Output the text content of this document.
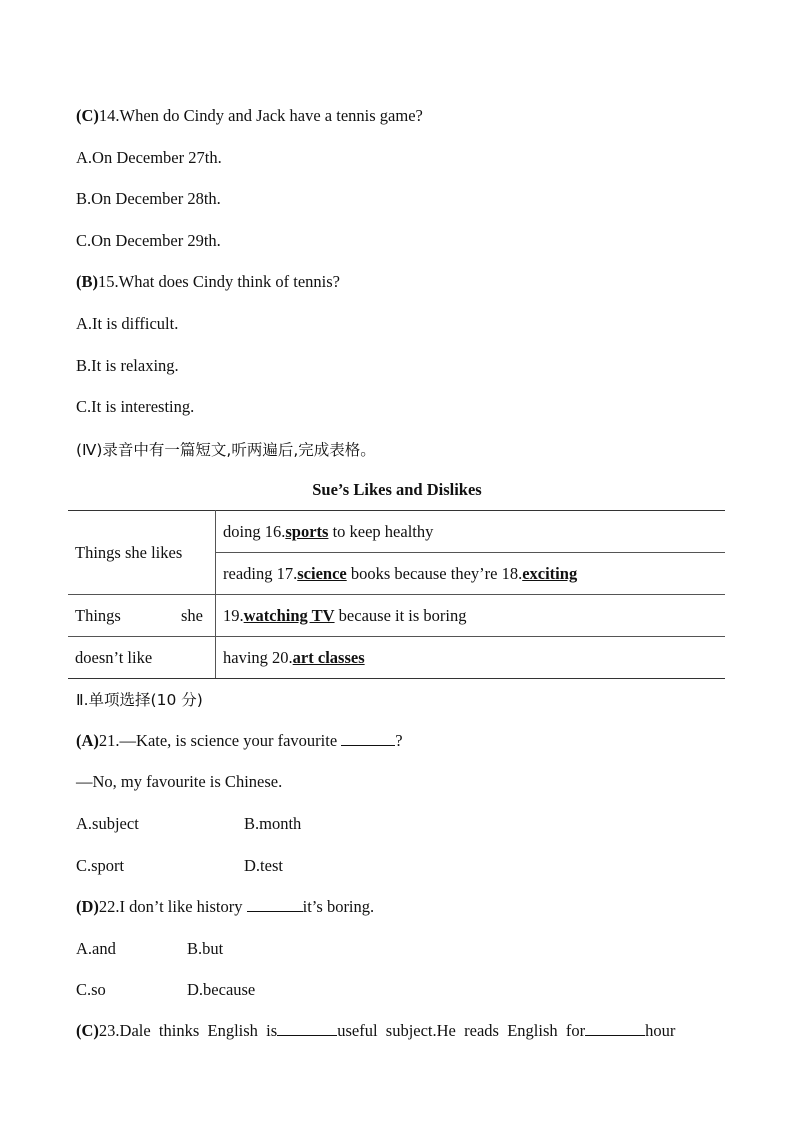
(C)14.When do Cindy and Jack have a tennis game?
A.On December 27th.
B.On December 28th.
C.On December 29th.
(B)15.What does Cindy think of tennis?
A.It is difficult.
B.It is relaxing.
C.It is interesting.
(Ⅳ)录音中有一篇短文,听两遍后,完成表格。
Sue’s Likes and Dislikes
Things she likes	doing 16.sports to keep healthy
	reading 17.science books because they’re 18.exciting

Things she	19.watching TV because it is boring
doesn’t like	having 20.art classes
Ⅱ.单项选择(10 分)
(A)21.—Kate, is science your favourite	?
—No, my favourite is Chinese.
A.subject	B.month
C.sport	D.test
(D)22.I don’t like history	it’s boring.
A.and	B.but
C.so	D.because
(C)23.Dale  thinks  English  is	useful  subject.He  reads  English  for	hour
